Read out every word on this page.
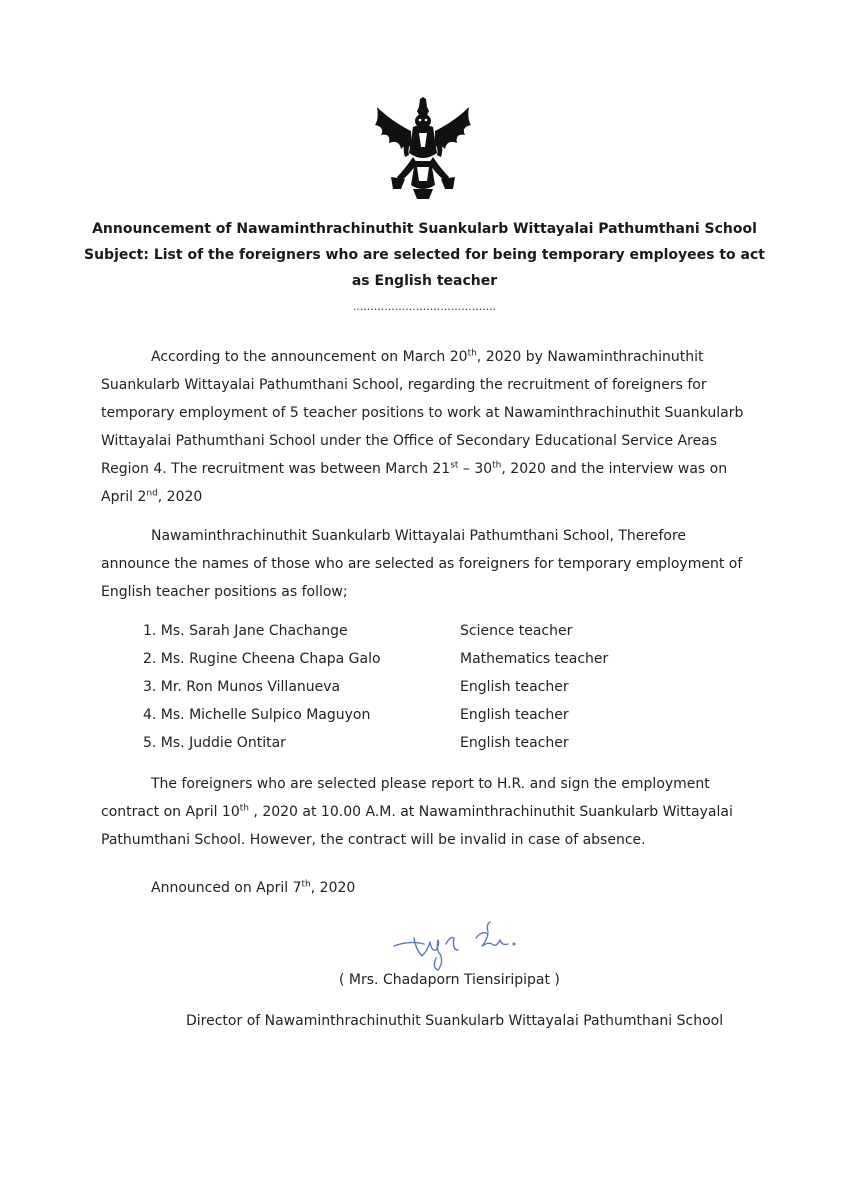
Announcement of Nawaminthrachinuthit Suankularb Wittayalai Pathumthani School
Subject: List of the foreigners who are selected for being temporary employees to act
as English teacher
.........................................
According to the announcement on March 20th, 2020 by Nawaminthrachinuthit Suankularb Wittayalai Pathumthani School, regarding the recruitment of foreigners for temporary employment of 5 teacher positions to work at Nawaminthrachinuthit Suankularb Wittayalai Pathumthani School under the Office of Secondary Educational Service Areas Region 4. The recruitment was between March 21st – 30th, 2020 and the interview was on April 2nd, 2020
Nawaminthrachinuthit Suankularb Wittayalai Pathumthani School, Therefore announce the names of those who are selected as foreigners for temporary employment of English teacher positions as follow;
1. Ms. Sarah Jane Chachange	Science teacher
2. Ms. Rugine Cheena Chapa Galo	Mathematics teacher
3. Mr. Ron Munos Villanueva	English teacher
4. Ms. Michelle Sulpico Maguyon	English teacher
5. Ms. Juddie Ontitar	English teacher
The foreigners who are selected please report to H.R. and sign the employment contract on April 10th , 2020 at 10.00 A.M. at Nawaminthrachinuthit Suankularb Wittayalai Pathumthani School. However, the contract will be invalid in case of absence.
Announced on April 7th, 2020
( Mrs. Chadaporn Tiensiripipat )
Director of Nawaminthrachinuthit Suankularb Wittayalai Pathumthani School
